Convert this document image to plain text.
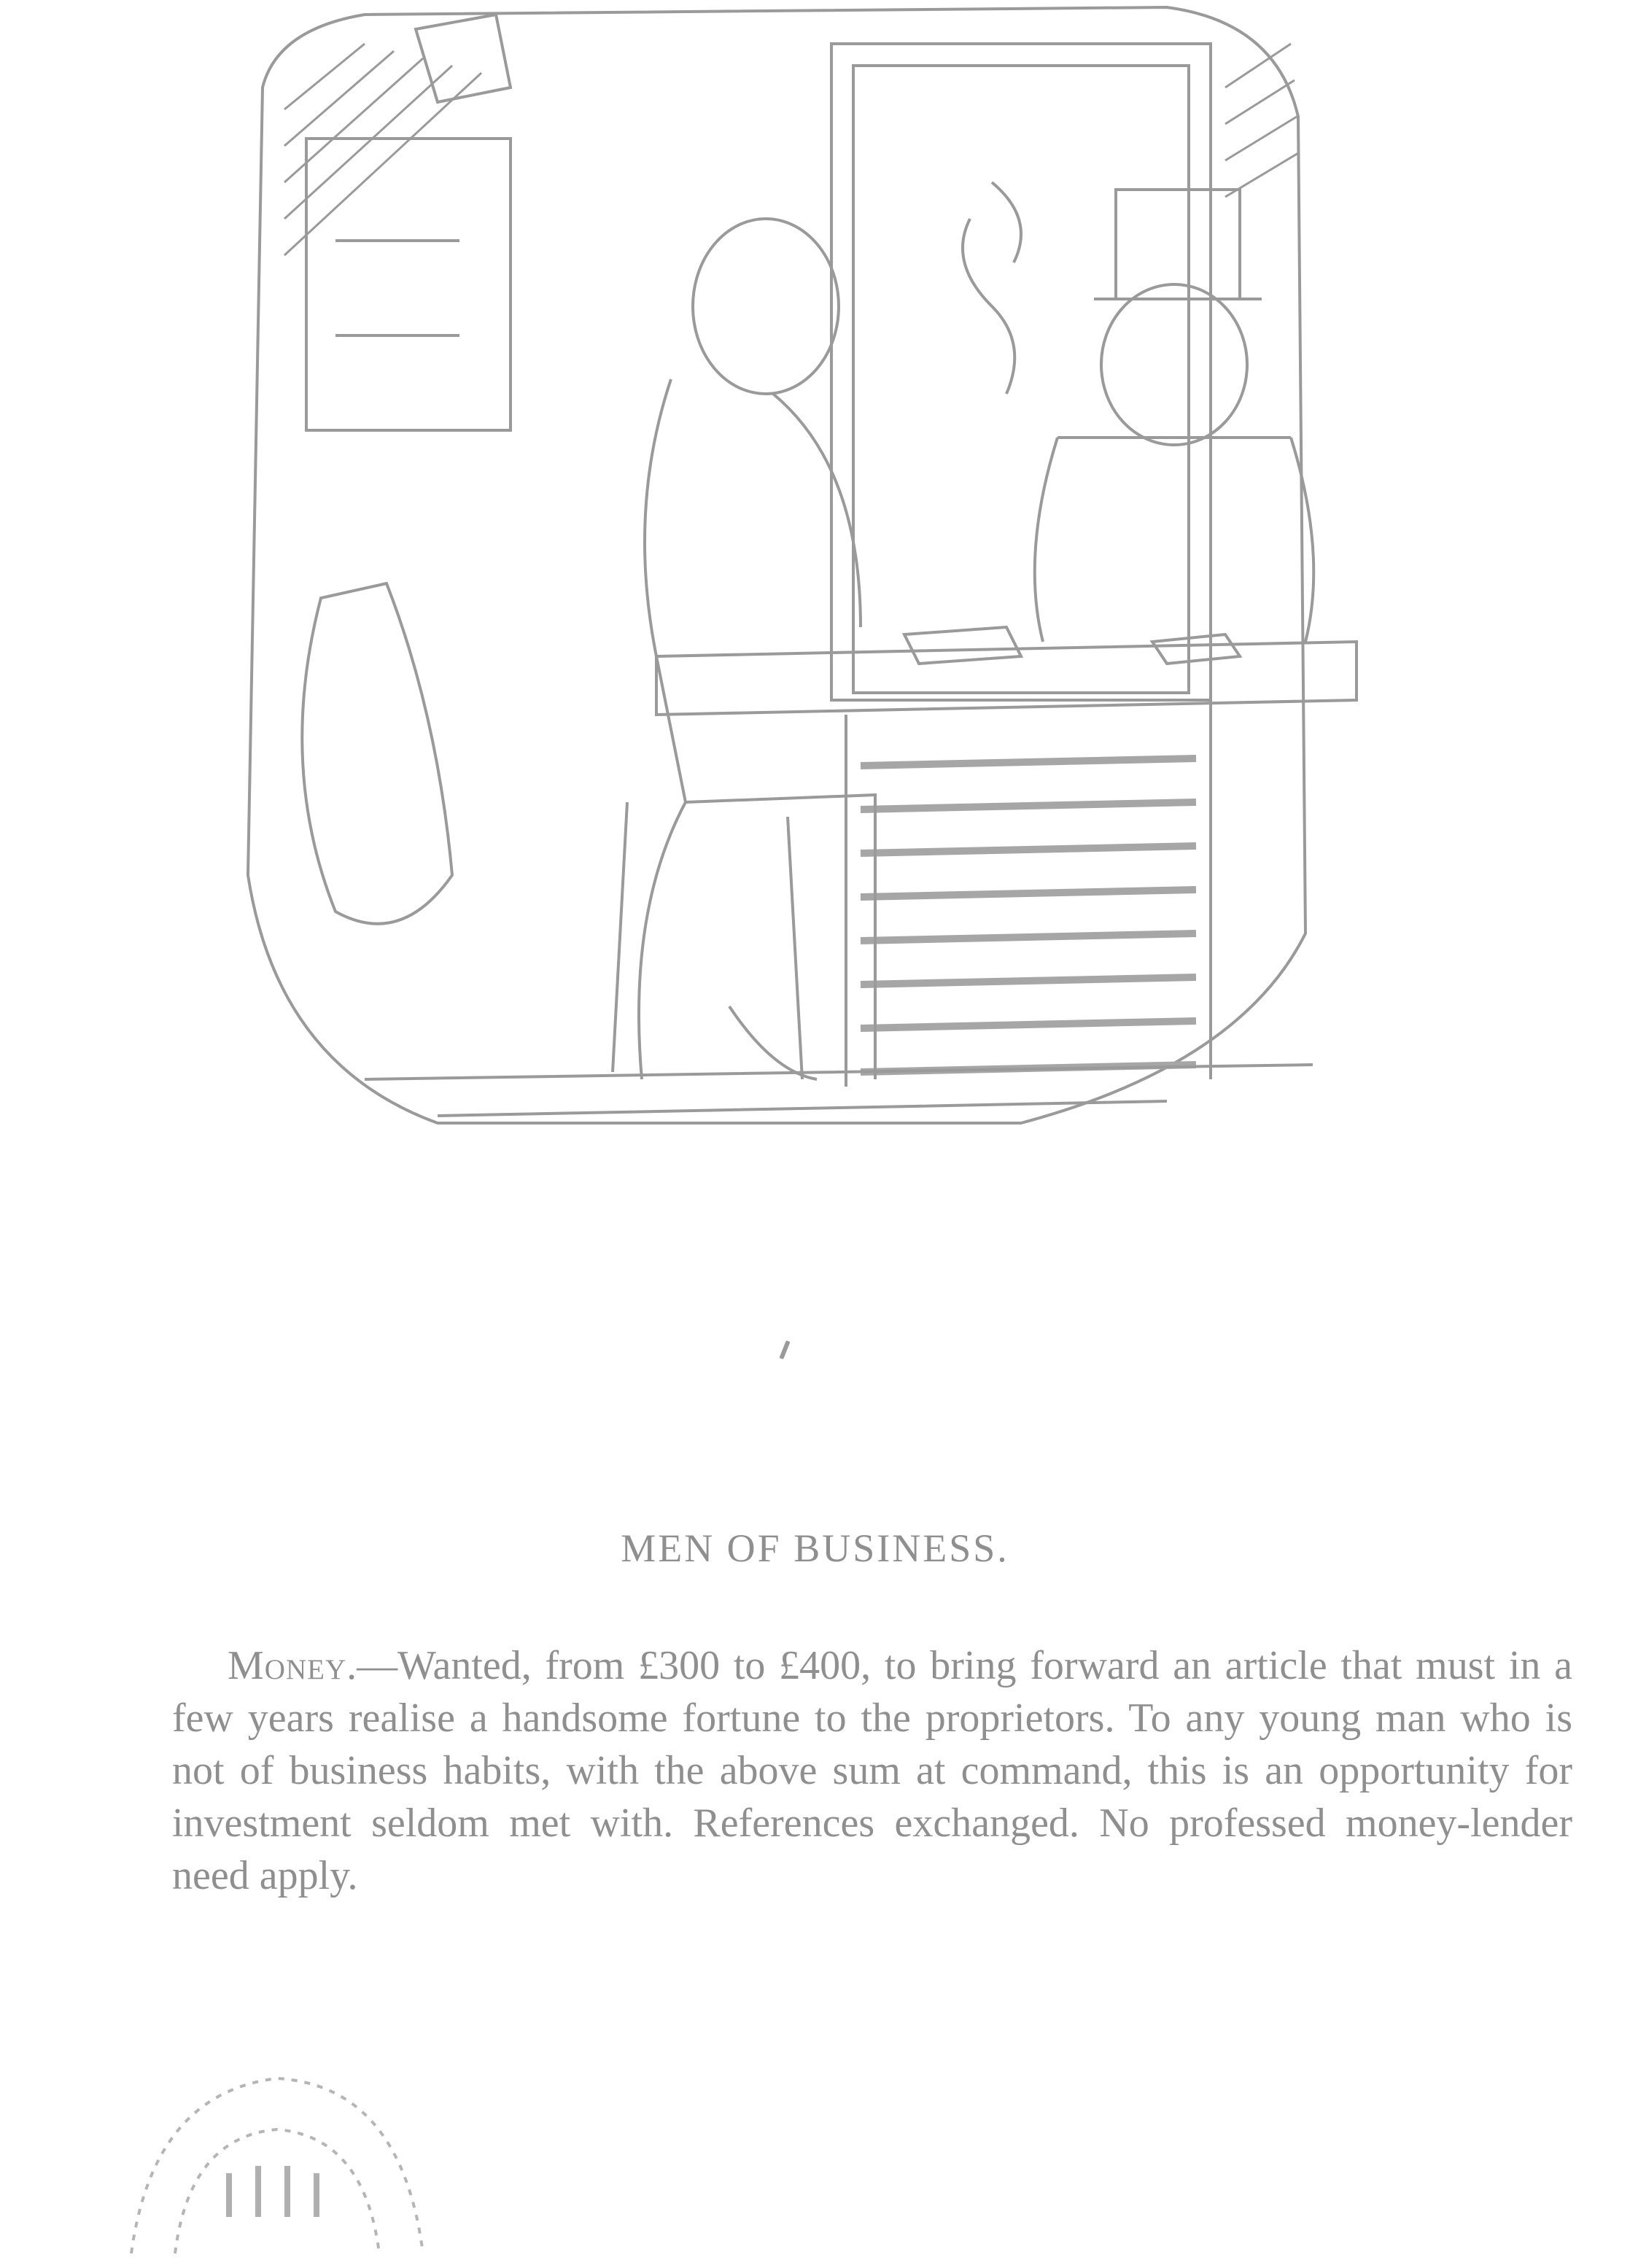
MEN OF BUSINESS.

Money.—Wanted, from £300 to £400, to bring forward an article that must in a few years realise a handsome fortune to the proprietors. To any young man who is not of business habits, with the above sum at command, this is an opportunity for investment seldom met with. References exchanged. No professed money-lender need apply.
